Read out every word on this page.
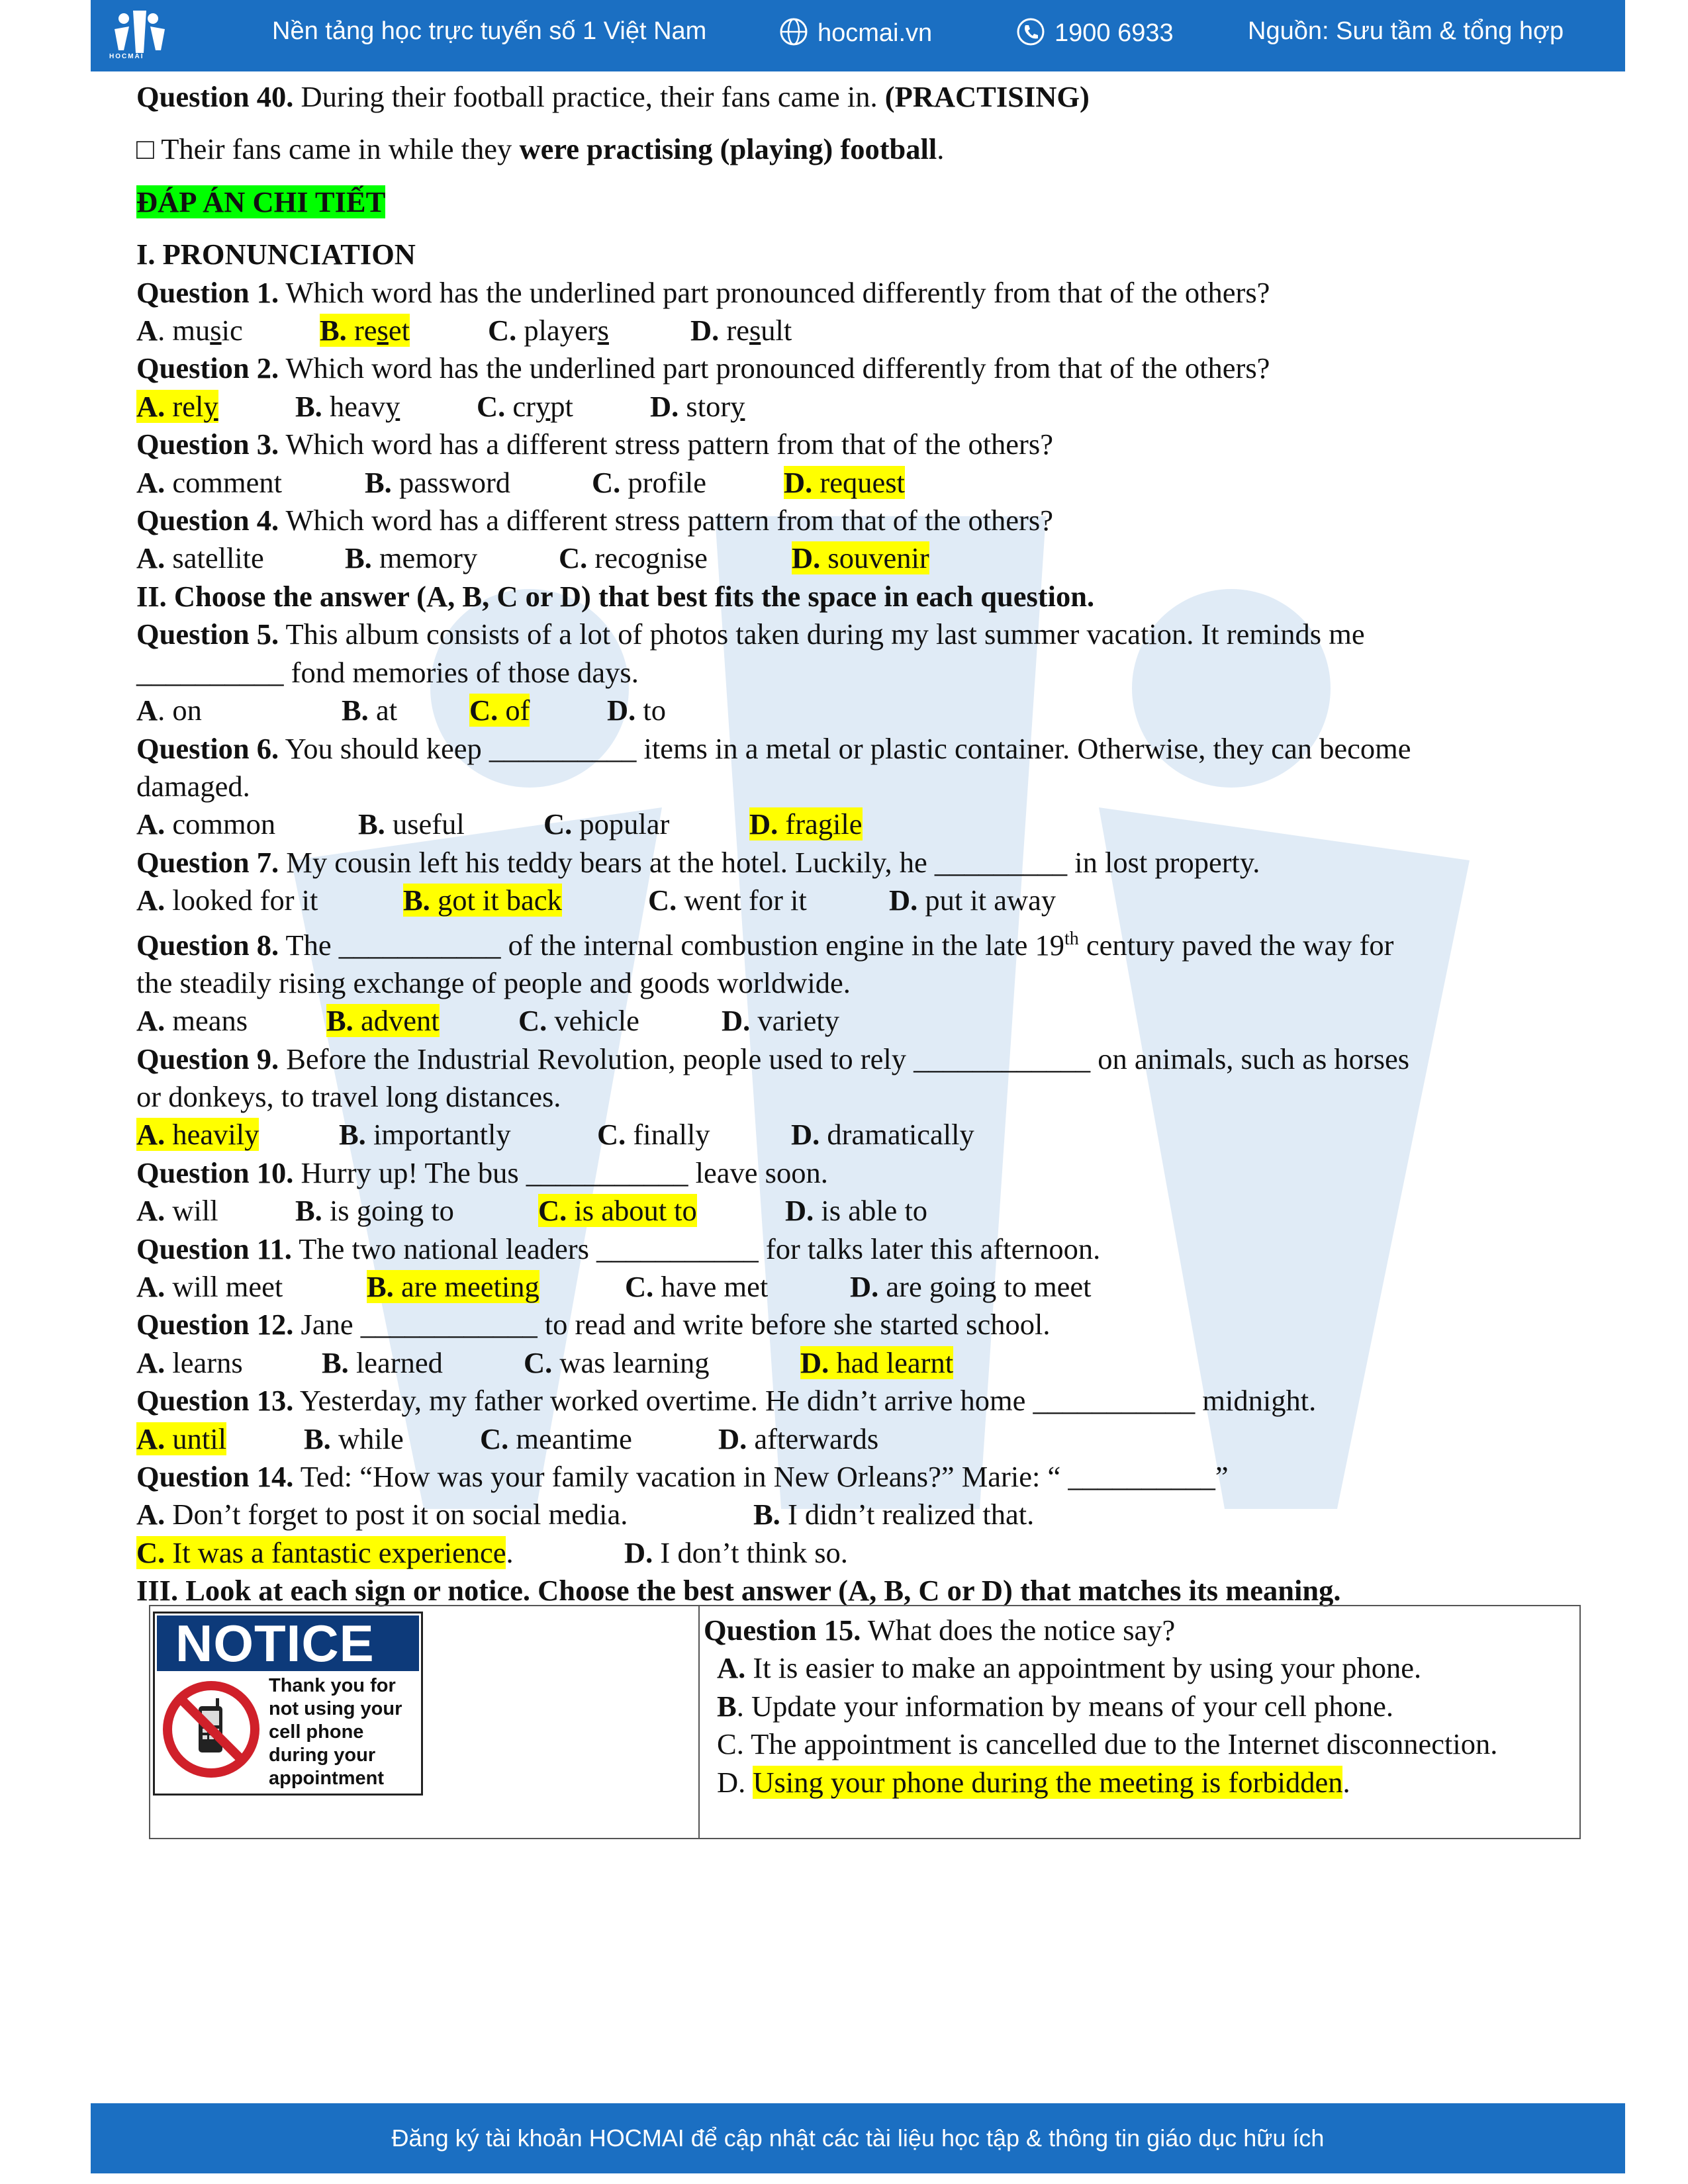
HOCMAI
Nền tảng học trực tuyến số 1 Việt Nam	hocmai.vn	1900 6933	Nguồn: Sưu tầm & tổng hợp
Question 40. During their football practice, their fans came in. (PRACTISING)
□ Their fans came in while they were practising (playing) football.
ĐÁP ÁN CHI TIẾT
I. PRONUNCIATION
Question 1. Which word has the underlined part pronounced differently from that of the others?
A. music	B. reset	C. players	D. result
Question 2. Which word has the underlined part pronounced differently from that of the others?
A. rely	B. heavy	C. crypt	D. story
Question 3. Which word has a different stress pattern from that of the others?
A. comment	B. password	C. profile	D. request
Question 4. Which word has a different stress pattern from that of the others?
A. satellite	B. memory	C. recognise	D. souvenir
II. Choose the answer (A, B, C or D) that best fits the space in each question.
Question 5. This album consists of a lot of photos taken during my last summer vacation. It reminds me
__________ fond memories of those days.
A. on	B. at C. of	D. to
Question 6. You should keep __________ items in a metal or plastic container. Otherwise, they can become
damaged.
A. common	B. useful	C. popular	D. fragile
Question 7. My cousin left his teddy bears at the hotel. Luckily, he _________ in lost property.
A. looked for it	B. got it back	C. went for it	D. put it away
Question 8. The ___________ of the internal combustion engine in the late 19th century paved the way for
the steadily rising exchange of people and goods worldwide.
A. means	B. advent	C. vehicle	D. variety
Question 9. Before the Industrial Revolution, people used to rely ____________ on animals, such as horses
or donkeys, to travel long distances.
A. heavily	B. importantly	C. finally	D. dramatically
Question 10. Hurry up! The bus ___________ leave soon.
A. will	B. is going to	C. is about to	D. is able to
Question 11. The two national leaders ___________ for talks later this afternoon.
A. will meet	B. are meeting	C. have met	D. are going to meet
Question 12. Jane ____________ to read and write before she started school.
A. learns	B. learned	C. was learning	D. had learnt
Question 13. Yesterday, my father worked overtime. He didn’t arrive home ___________ midnight.
A. until	B. while	C. meantime	D. afterwards
Question 14. Ted: “How was your family vacation in New Orleans?” Marie: “ __________”
A. Don’t forget to post it on social media.	B. I didn’t realized that.
C. It was a fantastic experience.	D. I don’t think so.
III. Look at each sign or notice. Choose the best answer (A, B, C or D) that matches its meaning.
NOTICE
Thank you for
not using your
cell phone
during your
appointment

Question 15. What does the notice say?
A. It is easier to make an appointment by using your phone.
B. Update your information by means of your cell phone.
C. The appointment is cancelled due to the Internet disconnection.
D. Using your phone during the meeting is forbidden.
Đăng ký tài khoản HOCMAI để cập nhật các tài liệu học tập & thông tin giáo dục hữu ích
